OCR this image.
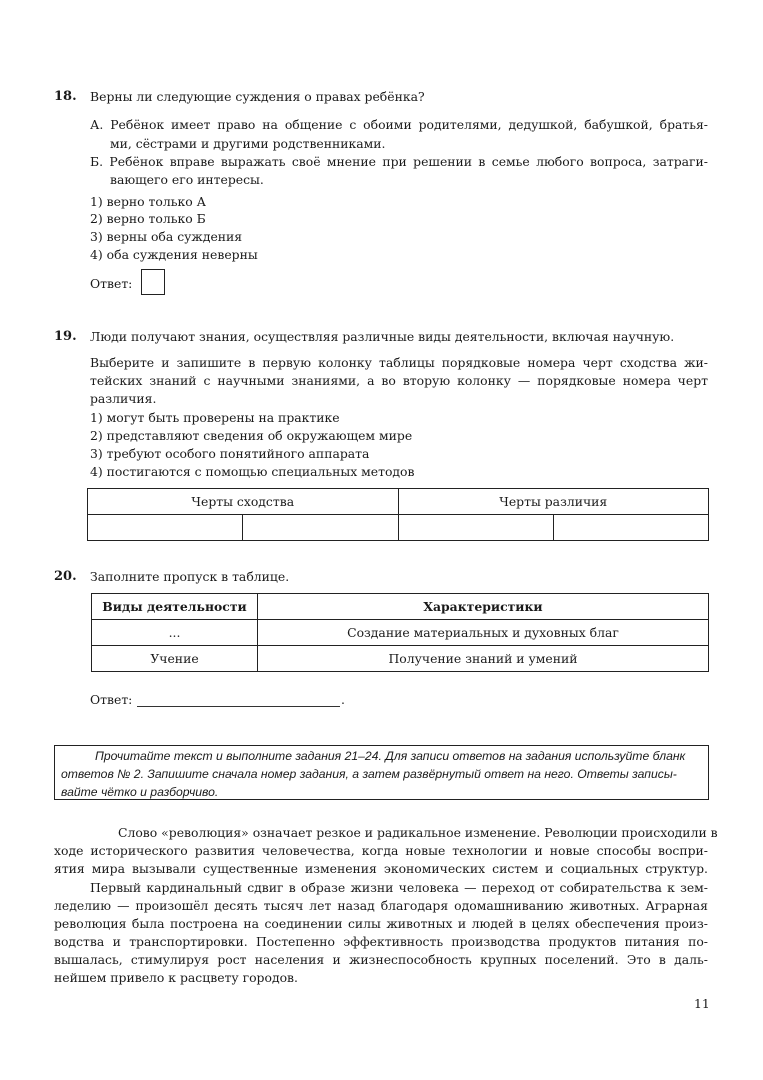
18. Верны ли следующие суждения о правах ребёнка?
А. Ребёнок имеет право на общение с обоими родителями, дедушкой, бабушкой, братья-
ми, сёстрами и другими родственниками.
Б. Ребёнок вправе выражать своё мнение при решении в семье любого вопроса, затраги-
вающего его интересы.
1) верно только А
2) верно только Б
3) верны оба суждения
4) оба суждения неверны
Ответ:
19. Люди получают знания, осуществляя различные виды деятельности, включая научную.
Выберите и запишите в первую колонку таблицы порядковые номера черт сходства жи-
тейских знаний с научными знаниями, а во вторую колонку — порядковые номера черт
различия.
1) могут быть проверены на практике
2) представляют сведения об окружающем мире
3) требуют особого понятийного аппарата
4) постигаются с помощью специальных методов
Черты сходства		Черты различия	

20. Заполните пропуск в таблице.
Виды деятельности	Характеристики
...	Создание материальных и духовных благ
Учение	Получение знаний и умений
Ответ:	.
Прочитайте текст и выполните задания 21–24. Для записи ответов на задания используйте бланк
ответов № 2. Запишите сначала номер задания, а затем развёрнутый ответ на него. Ответы записы-
вайте чётко и разборчиво.
Слово «революция» означает резкое и радикальное изменение. Революции происходили в
ходе исторического развития человечества, когда новые технологии и новые способы воспри-
ятия мира вызывали существенные изменения экономических систем и социальных структур.
Первый кардинальный сдвиг в образе жизни человека — переход от собирательства к зем-
леделию — произошёл десять тысяч лет назад благодаря одомашниванию животных. Аграрная
революция была построена на соединении силы животных и людей в целях обеспечения произ-
водства и транспортировки. Постепенно эффективность производства продуктов питания по-
вышалась, стимулируя рост населения и жизнеспособность крупных поселений. Это в даль-
нейшем привело к расцвету городов.
11
